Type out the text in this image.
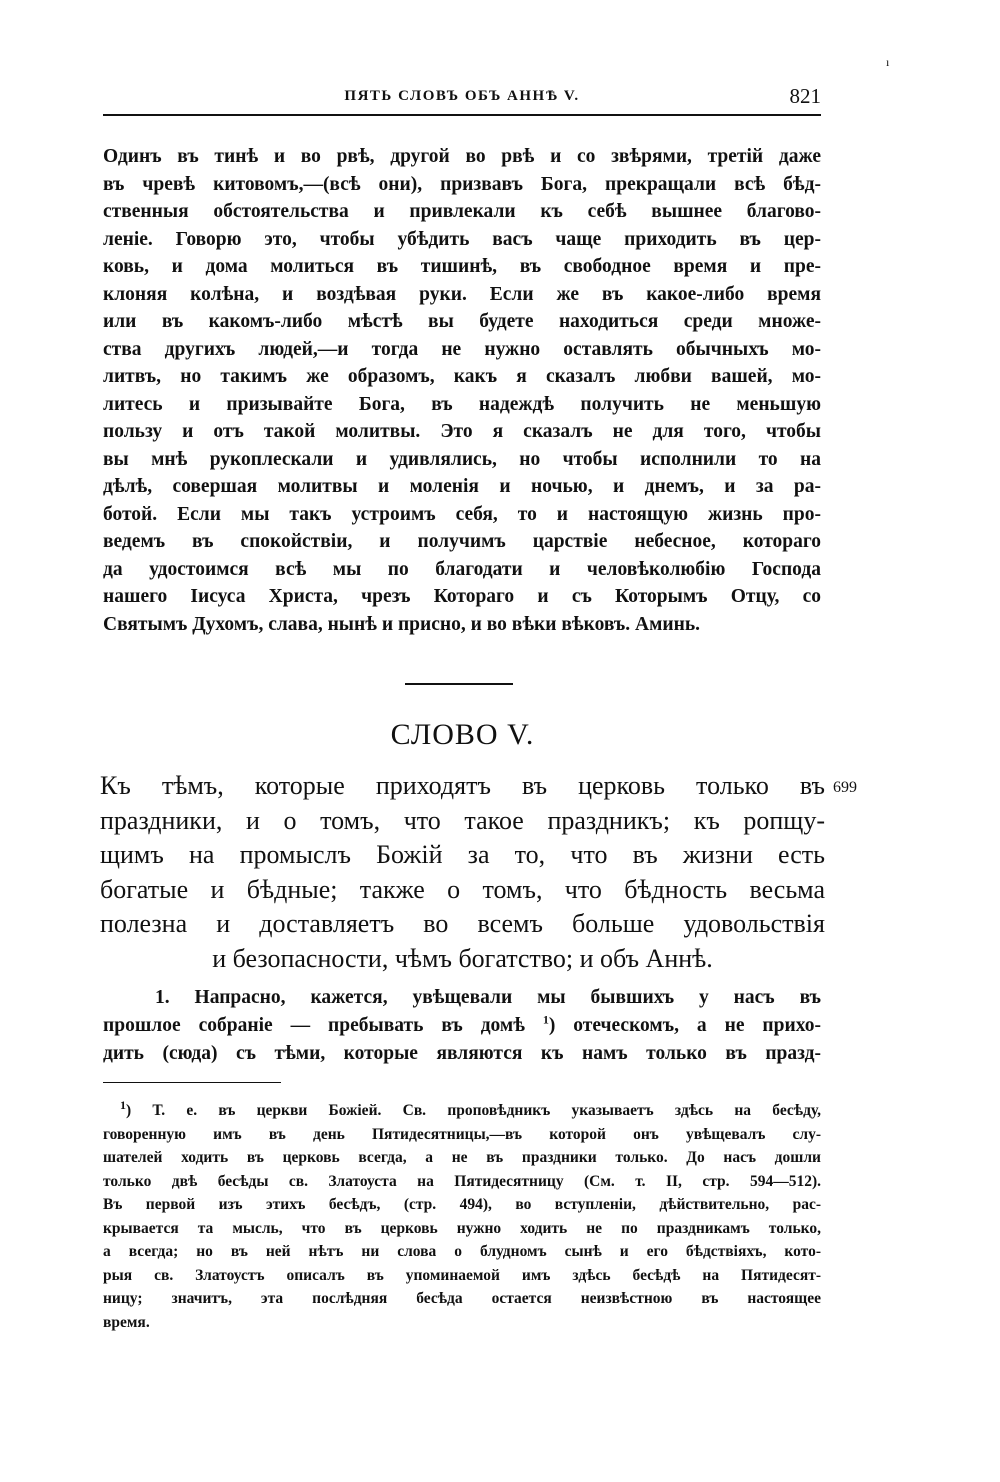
ПЯТЬ СЛОВЪ ОБЪ АННѢ V.	821
ı
Одинъ въ тинѣ и во рвѣ, другой во рвѣ и со звѣрями, третій даже
въ чревѣ китовомъ,—(всѣ они), призвавъ Бога, прекращали всѣ бѣд-
ственныя обстоятельства и привлекали къ себѣ вышнее благово-
леніе. Говорю это, чтобы убѣдить васъ чаще приходить въ цер-
ковь, и дома молиться въ тишинѣ, въ свободное время и пре-
клоняя колѣна, и воздѣвая руки. Если же въ какое-либо время
или въ какомъ-либо мѣстѣ вы будете находиться среди множе-
ства другихъ людей,—и тогда не нужно оставлять обычныхъ мо-
литвъ, но такимъ же образомъ, какъ я сказалъ любви вашей, мо-
литесь и призывайте Бога, въ надеждѣ получить не меньшую
пользу и отъ такой молитвы. Это я сказалъ не для того, чтобы
вы мнѣ рукоплескали и удивлялись, но чтобы исполнили то на
дѣлѣ, совершая молитвы и моленія и ночью, и днемъ, и за ра-
ботой. Если мы такъ устроимъ себя, то и настоящую жизнь про-
ведемъ въ спокойствіи, и получимъ царствіе небесное, котораго
да удостоимся всѣ мы по благодати и человѣколюбію Господа
нашего Іисуса Христа, чрезъ Котораго и съ Которымъ Отцу, со
Святымъ Духомъ, слава, нынѣ и присно, и во вѣки вѣковъ. Аминь.
СЛОВО V.
Къ тѣмъ, которые приходятъ въ церковь только въ
праздники, и о томъ, что такое праздникъ; къ ропщу-
щимъ на промыслъ Божій за то, что въ жизни есть
богатые и бѣдные; также о томъ, что бѣдность весьма
полезна и доставляетъ во всемъ больше удовольствія
и безопасности, чѣмъ богатство; и объ Аннѣ.
699
1. Напрасно, кажется, увѣщевали мы бывшихъ у насъ въ
прошлое собраніе — пребывать въ домѣ $^1$) отеческомъ, а не прихо-
дить (сюда) съ тѣми, которые являются къ намъ только въ празд-
$^1$) Т. е. въ церкви Божіей. Св. проповѣдникъ указываетъ здѣсь на бесѣду,
говоренную имъ въ день Пятидесятницы,—въ которой онъ увѣщевалъ слу-
шателей ходить въ церковь всегда, а не въ праздники только. До насъ дошли
только двѣ бесѣды св. Златоуста на Пятидесятницу (См. т. II, стр. 594—512).
Въ первой изъ этихъ бесѣдъ, (стр. 494), во вступленіи, дѣйствительно, рас-
крывается та мысль, что въ церковь нужно ходить не по праздникамъ только,
а всегда; но въ ней нѣтъ ни слова о блудномъ сынѣ и его бѣдствіяхъ, кото-
рыя св. Златоустъ описалъ въ упоминаемой имъ здѣсь бесѣдѣ на Пятидесят-
ницу; значитъ, эта послѣдняя бесѣда остается неизвѣстною въ настоящее
время.
